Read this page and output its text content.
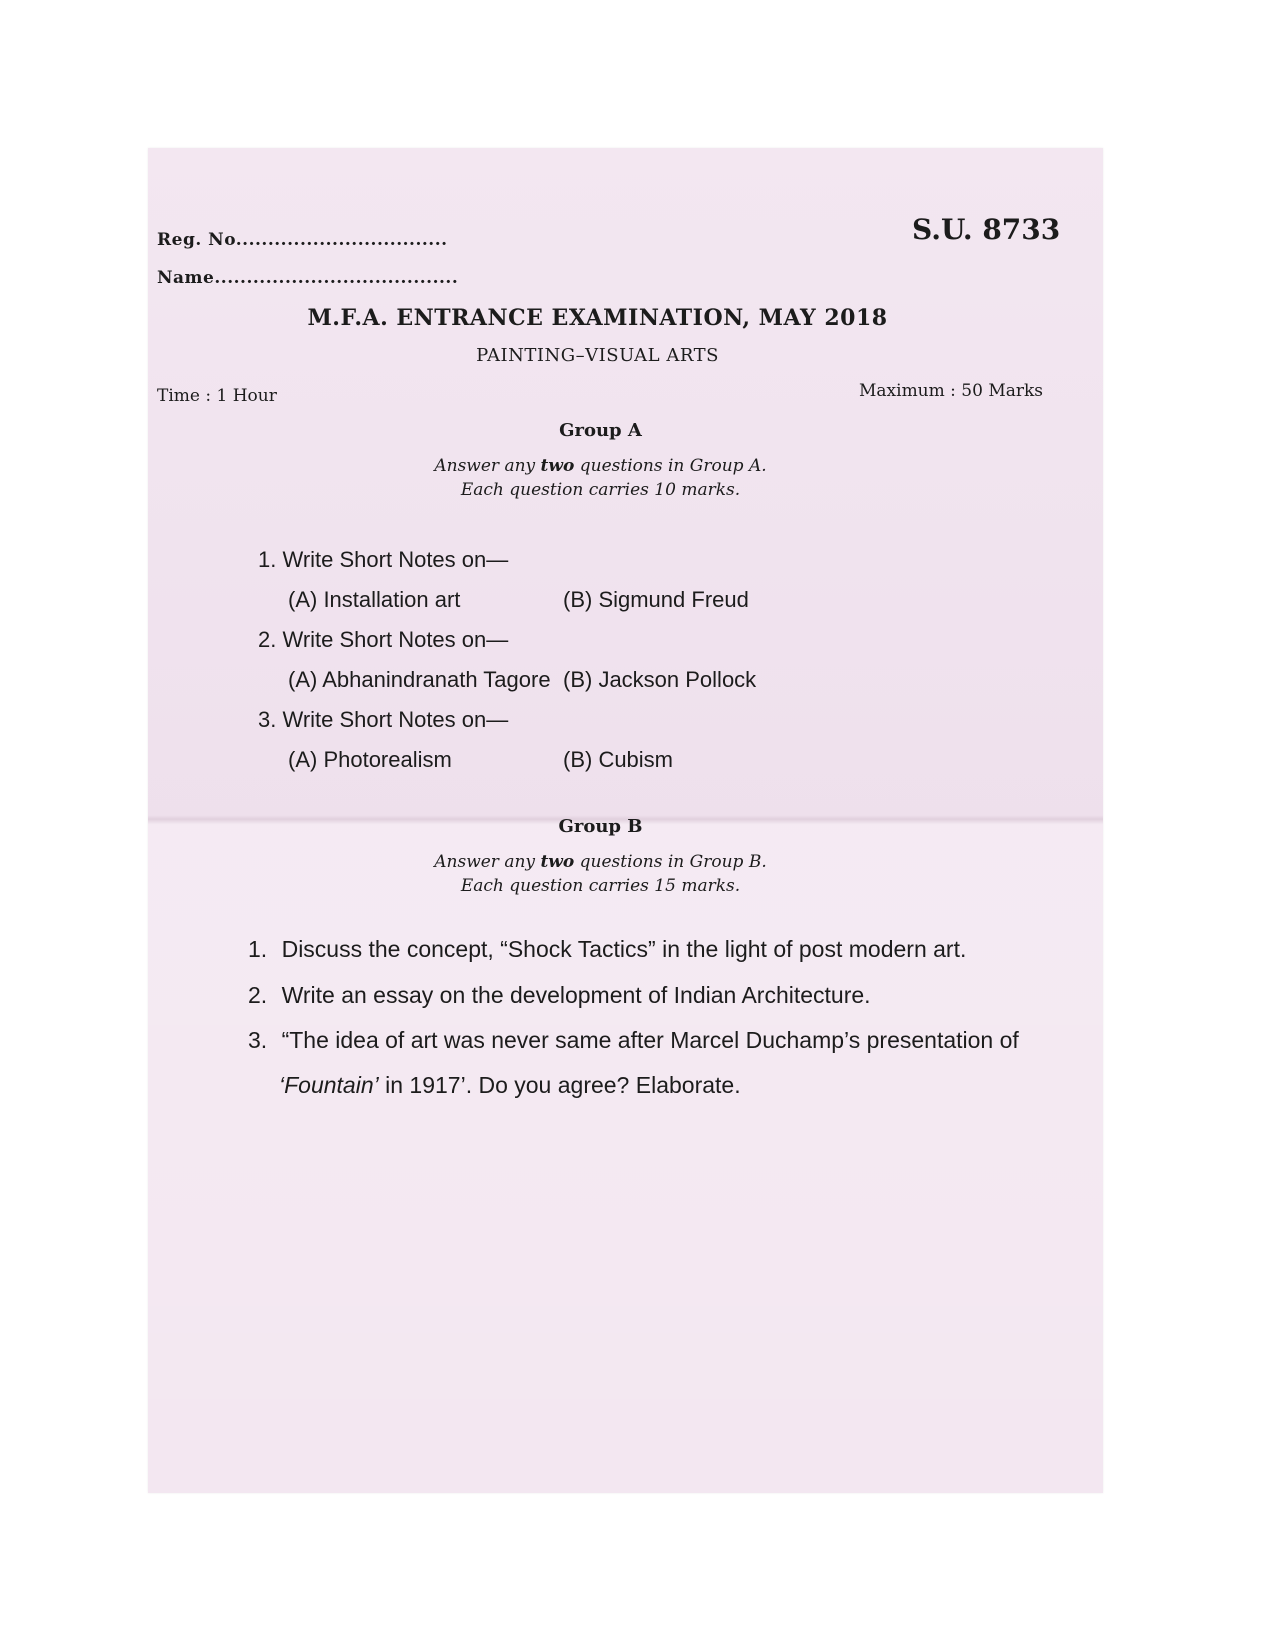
Reg. No.................................
Name......................................
S.U. 8733
M.F.A. ENTRANCE EXAMINATION, MAY 2018
PAINTING–VISUAL ARTS
Time : 1 Hour	Maximum : 50 Marks
Group A
Answer any two questions in Group A.
Each question carries 10 marks.
1. Write Short Notes on—
(A) Installation art	(B) Sigmund Freud
2. Write Short Notes on—
(A) Abhanindranath Tagore (B) Jackson Pollock
3. Write Short Notes on—
(A) Photorealism	(B) Cubism
Group B
Answer any two questions in Group B.
Each question carries 15 marks.
1. Discuss the concept, “Shock Tactics” in the light of post modern art.
2. Write an essay on the development of Indian Architecture.
3. “The idea of art was never same after Marcel Duchamp’s presentation of
‘Fountain’ in 1917’. Do you agree? Elaborate.
